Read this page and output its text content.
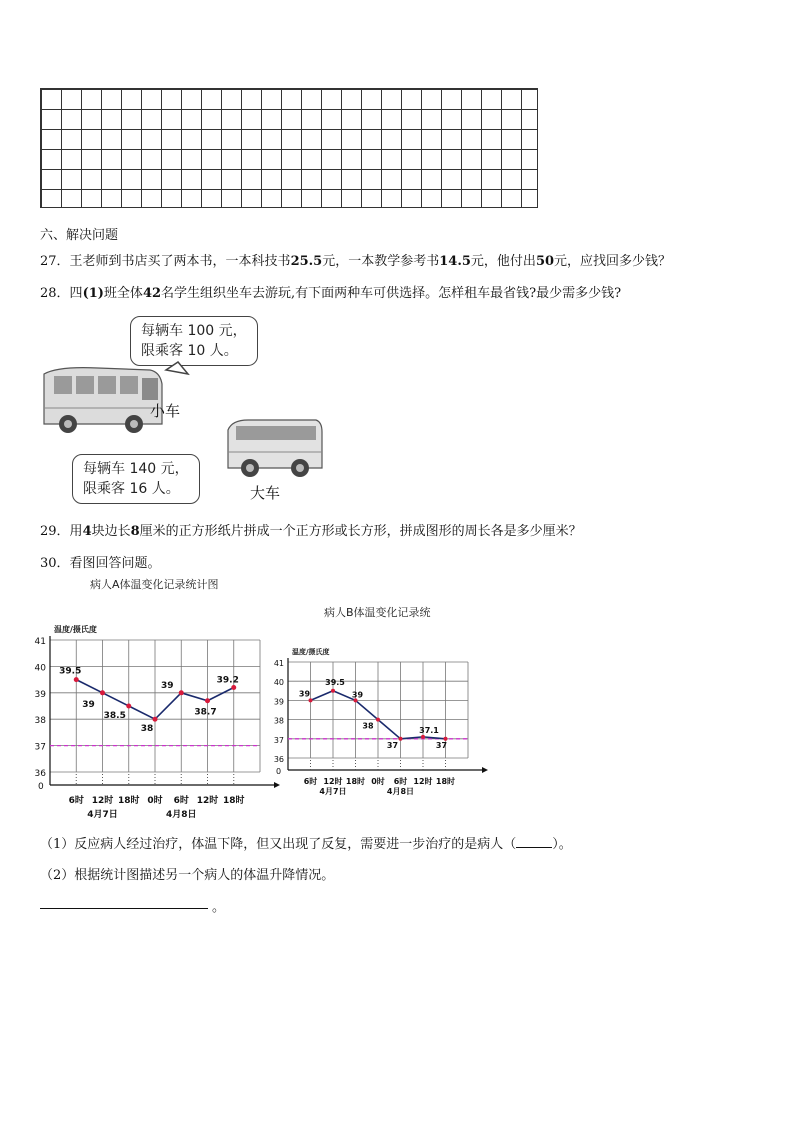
六、解决问题
27．王老师到书店买了两本书，一本科技书25.5元，一本教学参考书14.5元，他付出50元，应找回多少钱？
28．四(1)班全体42名学生组织坐车去游玩,有下面两种车可供选择。怎样租车最省钱?最少需多少钱?
每辆车 100 元，
限乘客 10 人。
小车
每辆车 140 元，
限乘客 16 人。	大车
29．用4块边长8厘米的正方形纸片拼成一个正方形或长方形，拼成图形的周长各是多少厘米？
30．看图回答问题。
病人A体温变化记录统计图
温度/摄氏度
0
36
37
38
39
40
41
6时 12时 18时 0时 6时 12时 18时
4月7日	4月8日
39.5
39
38.5
38
39
38.7
39.2
病人B体温变化记录统
温度/摄氏度
0
36
37
38
39
40
41
6时 12时 18时 0时 6时 12时 18时
4月7日	4月8日
39
39.5
39
38
37
37.1
37
（1）反应病人经过治疗，体温下降，但又出现了反复，需要进一步治疗的是病人（	）。
（2）根据统计图描述另一个病人的体温升降情况。
。
